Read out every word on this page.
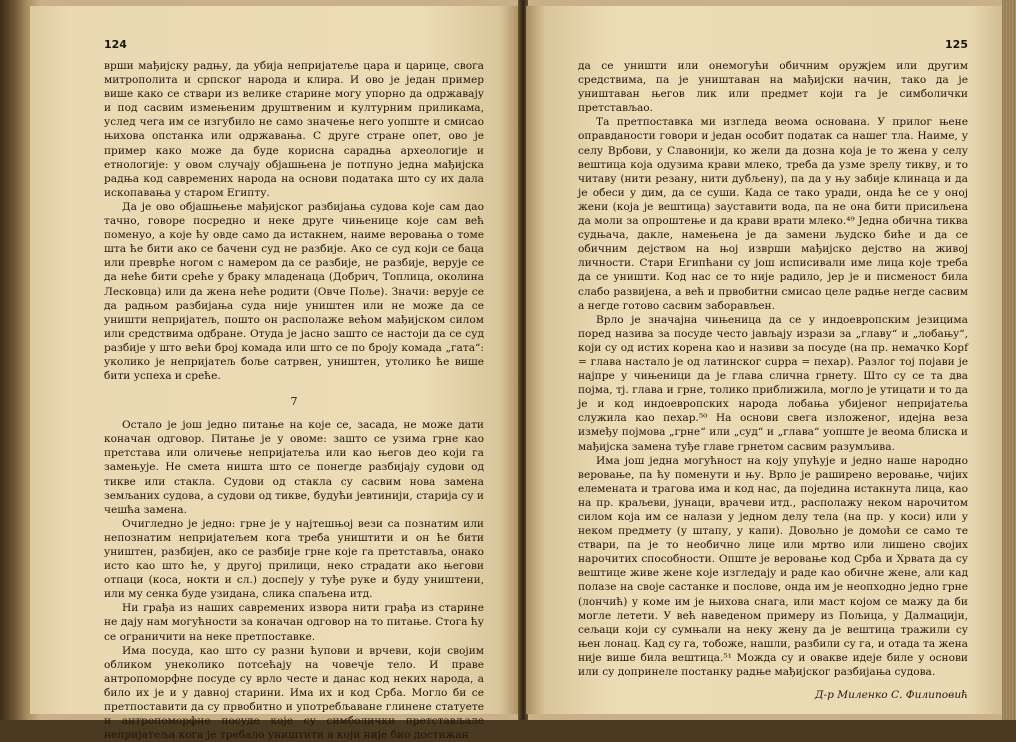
124

врши мађијску радњу, да убија непријатеље цара и царице, свога митрополита и српског народа и клира. И ово је један пример више како се ствари из велике старине могу упорно да одржавају и под сасвим измењеним друштвеним и културним приликама, услед чега им се изгубило не само значење него уопште и смисао њихова опстанка или одржавања. С друге стране опет, ово је пример како може да буде корисна сарадња археологије и етнологије: у овом случају објашњена је потпуно једна мађијска радња код савремених народа на основи података што су их дала ископавања у старом Египту.

Да је ово објашњење мађијског разбијања судова које сам дао тачно, говоре посредно и неке друге чињенице које сам већ поменуо, а које ћу овде само да истакнем, наиме веровања о томе шта ће бити ако се бачени суд не разбије. Ако се суд који се баца или преврће ногом с намером да се разбије, не разбије, верује се да неће бити среће у браку младенаца (Добрич, Топлица, околина Лесковца) или да жена неће родити (Овче Поље). Значи: верује се да радњом разбијања суда није уништен или не може да се уништи непријатељ, пошто он располаже већом мађијском силом или средствима одбране. Отуда је јасно зашто се настоји да се суд разбије у што већи број комада или што се по броју комада „гата“: уколико је непријатељ боље сатрвен, уништен, утолико ће више бити успеха и среће.

7

Остало је још једно питање на које се, засада, не може дати коначан одговор. Питање је у овоме: зашто се узима грне као претставa или оличење непријатеља или као његов део који га замењује. Не смета ништа што се понегде разбијају судови од тикве или стакла. Судови од стакла су сасвим нова замена земљаних судова, а судови од тикве, будући јевтинији, старија су и чешћа замена.

Очигледно је једно: грне је у најтешњој вези са познатим или непознатим непријатељем кога треба уништити и он ће бити уништен, разбијен, ако се разбије грне које га претставља, онако исто као што ће, у другој прилици, неко страдати ако његови отпаци (коса, нокти и сл.) доспеју у туђе руке и буду уништени, или му сенка буде узидана, слика спаљена итд.

Ни грађа из наших савремених извора нити грађа из старине не дају нам могућности за коначан одговор на то питање. Стога ћу се ограничити на неке претпоставке.

Има посуда, као што су разни ћупови и врчеви, који својим обликом унеколико потсећају на човечје тело. И праве антропоморфне посуде су врло честе и данас код неких народа, а било их је и у давној старини. Има их и код Срба. Могло би се претпоставити да су првобитно и употребљаване глинене статуете и антропоморфне посуде које су симболички претстављале непријатеља кога је требало уништити а који није био достижан

125

да се уништи или онемогући обичним оружјем или другим средствима, па је уништаван на мађијски начин, тако да је уништаван његов лик или предмет који га је симболички претстављао.

Та претпоставка ми изгледа веома основана. У прилог њене оправданости говори и један особит податак са нашег тла. Наиме, у селу Врбови, у Славонији, ко жели да дозна која је то жена у селу вештица која одузима крави млеко, треба да узме зрелу тикву, и то читаву (нити резану, нити дубљену), па да у њу забије клинаца и да је обеси у дим, да се суши. Када се тако уради, онда ће се у оној жени (која је вештица) зауставити вода, па не она бити присиљена да моли за опроштење и да крави врати млеко.⁴⁹ Једна обична тиква судњача, дакле, намењена је да замени људско биће и да се обичним дејством на њој изврши мађијско дејство на живој личности. Стари Египћани су још исписивали име лица које треба да се уништи. Код нас се то није радило, јер је и писменост била слабо развијена, а већ и првобитни смисао целе радње негде сасвим а негде готово сасвим заборављен.

Врло је значајна чињеница да се у индоевропским језицима поред назива за посуде често јављају изрази за „главу“ и „лобању“, који су од истих корена као и називи за посуде (на пр. немачко Kopf = глава настало је од латинског cuppa = пехар). Разлог тој појави је најпре у чињеници да је глава слична грнету. Што су се та два појма, тј. глава и грне, толико приближила, могло је утицати и то да је и код индоевропских народа лобања убијеног непријатеља служила као пехар.⁵⁰ На основи свега изложеног, идејна веза између појмова „грне“ или „суд“ и „глава“ уопште је веома блиска и мађијска замена туђе главе грнетом сасвим разумљива.

Има још једна могућност на коју упућује и једно наше народно веровање, па ћу поменути и њу. Врло је раширено веровање, чијих елемената и трагова има и код нас, да поједина истакнута лица, као на пр. краљеви, јунаци, врачеви итд., располажу неком нарочитом силом која им се налази у једном делу тела (на пр. у коси) или у неком предмету (у штапу, у капи). Довољно је домоћи се само те ствари, па је то необично лице или мртво или лишено својих нарочитих способности. Опште је веровање код Срба и Хрвата да су вештице живе жене које изгледају и раде као обичне жене, али кад полазе на своје састанке и послове, онда им је неопходно једно грне (лончић) у коме им је њихова снага, или маст којом се мажу да би могле летети. У већ наведеном примеру из Пољица, у Далмацији, сељаци који су сумњали на неку жену да је вештица тражили су њен лонац. Кад су га, тобоже, нашли, разбили су га, и отада та жена није више била вештица.⁵¹ Можда су и овакве идеје биле у основи или су допринеле постанку радње мађијског разбијања судова.

Д-р Миленко С. Филиповић
